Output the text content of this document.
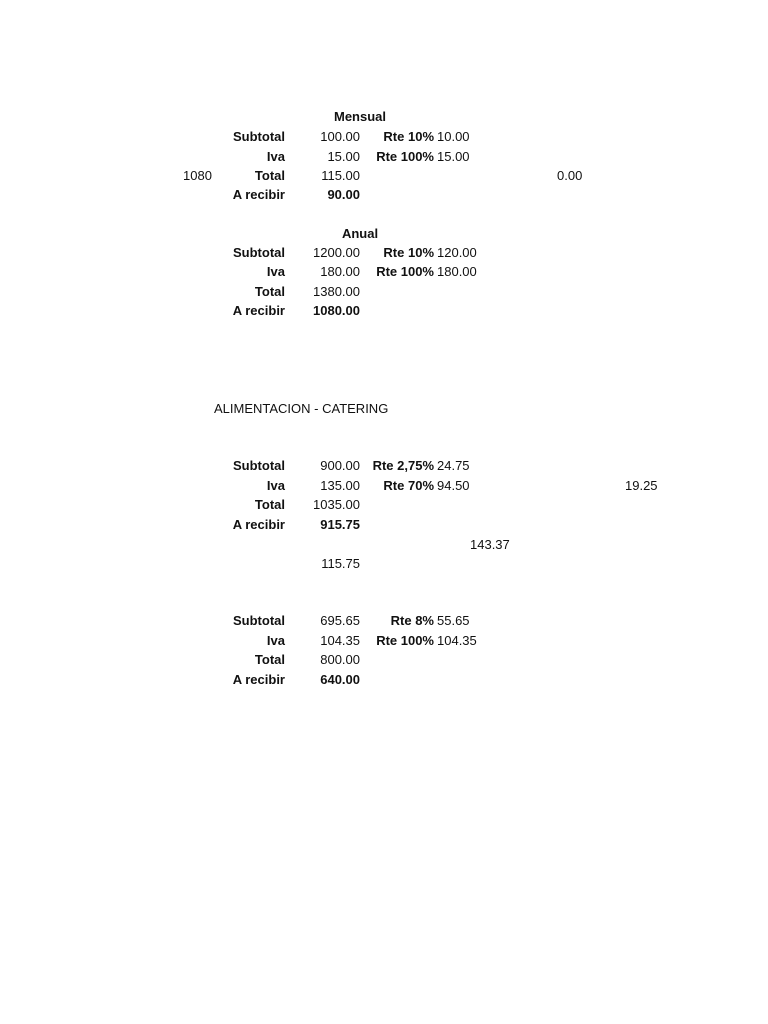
Mensual
Subtotal	100.00	Rte 10% 10.00
Iva	15.00	Rte 100% 15.00
1080	Total	115.00	0.00
A recibir	90.00
Anual
Subtotal	1200.00	Rte 10% 120.00
Iva	180.00	Rte 100% 180.00
Total	1380.00
A recibir	1080.00
ALIMENTACION - CATERING
Subtotal	900.00 Rte 2,75% 24.75
Iva	135.00	Rte 70% 94.50	19.25
Total	1035.00
A recibir	915.75
143.37
115.75
Subtotal	695.65	Rte 8% 55.65
Iva	104.35	Rte 100% 104.35
Total	800.00
A recibir	640.00
